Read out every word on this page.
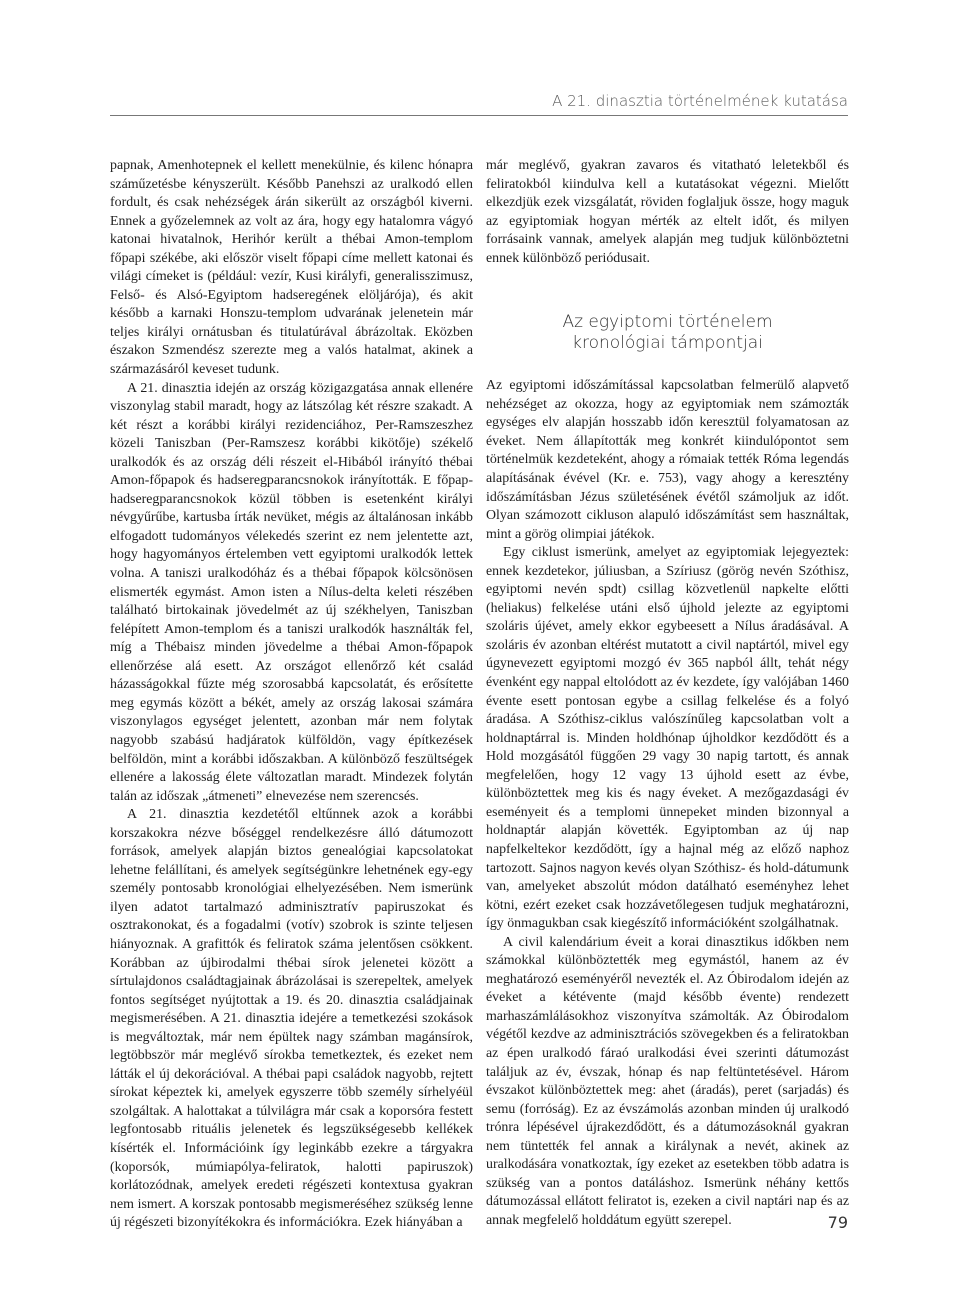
A 21. dinasztia történelmének kutatása

papnak, Amenhotepnek el kellett menekülnie, és kilenc hónapra száműzetésbe kényszerült. Később Panehszi az uralkodó ellen fordult, és csak nehézségek árán sikerült az országból kiverni. Ennek a győzelemnek az volt az ára, hogy egy hatalomra vágyó katonai hivatalnok, Herihór került a thébai Amon-templom főpapi székébe, aki először viselt főpapi címe mellett katonai és világi címeket is (például: vezír, Kusi királyfi, generalisszimusz, Felső- és Alsó-Egyiptom hadseregének elöljárója), és akit később a karnaki Honszu-templom udvarának jelenetein már teljes királyi ornátusban és titulatúrával ábrázoltak. Eközben északon Szmendész szerezte meg a valós hatalmat, akinek a származásáról keveset tudunk.

A 21. dinasztia idején az ország közigazgatása annak ellenére viszonylag stabil maradt, hogy az látszólag két részre szakadt. A két részt a korábbi királyi rezidenciához, Per-Ramszeszhez közeli Taniszban (Per-Ramszesz korábbi kikötője) székelő uralkodók és az ország déli részeit el-Hibából irányító thébai Amon-főpapok és hadseregparancsnokok irányították. E főpap-hadseregparancsnokok közül többen is esetenként királyi névgyűrűbe, kartusba írták nevüket, mégis az általánosan inkább elfogadott tudományos vélekedés szerint ez nem jelentette azt, hogy hagyományos értelemben vett egyiptomi uralkodók lettek volna. A taniszi uralkodóház és a thébai főpapok kölcsönösen elismerték egymást. Amon isten a Nílus-delta keleti részében található birtokainak jövedelmét az új székhelyen, Taniszban felépített Amon-templom és a taniszi uralkodók használták fel, míg a Thébaisz minden jövedelme a thébai Amon-főpapok ellenőrzése alá esett. Az országot ellenőrző két család házasságokkal fűzte még szorosabbá kapcsolatát, és erősítette meg egymás között a békét, amely az ország lakosai számára viszonylagos egységet jelentett, azonban már nem folytak nagyobb szabású hadjáratok külföldön, vagy építkezések belföldön, mint a korábbi időszakban. A különböző feszültségek ellenére a lakosság élete változatlan maradt. Mindezek folytán talán az időszak „átmeneti” elnevezése nem szerencsés.

A 21. dinasztia kezdetétől eltűnnek azok a korábbi korszakokra nézve bőséggel rendelkezésre álló dátumozott források, amelyek alapján biztos genealógiai kapcsolatokat lehetne felállítani, és amelyek segítségünkre lehetnének egy-egy személy pontosabb kronológiai elhelyezésében. Nem ismerünk ilyen adatot tartalmazó adminisztratív papiruszokat és osztrakonokat, és a fogadalmi (votív) szobrok is szinte teljesen hiányoznak. A grafittók és feliratok száma jelentősen csökkent. Korábban az újbirodalmi thébai sírok jelenetei között a sírtulajdonos családtagjainak ábrázolásai is szerepeltek, amelyek fontos segítséget nyújtottak a 19. és 20. dinasztia családjainak megismerésében. A 21. dinasztia idejére a temetkezési szokások is megváltoztak, már nem épültek nagy számban magánsírok, legtöbbször már meglévő sírokba temetkeztek, és ezeket nem látták el új dekorációval. A thébai papi családok nagyobb, rejtett sírokat képeztek ki, amelyek egyszerre több személy sírhelyéül szolgáltak. A halottakat a túlvilágra már csak a koporsóra festett legfontosabb rituális jelenetek és legszükségesebb kellékek kísérték el. Információink így leginkább ezekre a tárgyakra (koporsók, múmiapólya-feliratok, halotti papiruszok) korlátozódnak, amelyek eredeti régészeti kontextusa gyakran nem ismert. A korszak pontosabb megismeréséhez szükség lenne új régészeti bizonyítékokra és információkra. Ezek hiányában a

már meglévő, gyakran zavaros és vitatható leletekből és feliratokból kiindulva kell a kutatásokat végezni. Mielőtt elkezdjük ezek vizsgálatát, röviden foglaljuk össze, hogy maguk az egyiptomiak hogyan mérték az eltelt időt, és milyen forrásaink vannak, amelyek alapján meg tudjuk különböztetni ennek különböző periódusait.

Az egyiptomi történelem
kronológiai támpontjai

Az egyiptomi időszámítással kapcsolatban felmerülő alapvető nehézséget az okozza, hogy az egyiptomiak nem számozták egységes elv alapján hosszabb időn keresztül folyamatosan az éveket. Nem állapították meg konkrét kiindulópontot sem történelmük kezdeteként, ahogy a rómaiak tették Róma legendás alapításának évével (Kr. e. 753), vagy ahogy a keresztény időszámításban Jézus születésének évétől számoljuk az időt. Olyan számozott cikluson alapuló időszámítást sem használtak, mint a görög olimpiai játékok.

Egy ciklust ismerünk, amelyet az egyiptomiak lejegyeztek: ennek kezdetekor, júliusban, a Szíriusz (görög nevén Szóthisz, egyiptomi nevén spdt) csillag közvetlenül napkelte előtti (heliakus) felkelése utáni első újhold jelezte az egyiptomi szoláris újévet, amely ekkor egybeesett a Nílus áradásával. A szoláris év azonban eltérést mutatott a civil naptártól, mivel egy úgynevezett egyiptomi mozgó év 365 napból állt, tehát négy évenként egy nappal eltolódott az év kezdete, így valójában 1460 évente esett pontosan egybe a csillag felkelése és a folyó áradása. A Szóthisz-ciklus valószínűleg kapcsolatban volt a holdnaptárral is. Minden holdhónap újholdkor kezdődött és a Hold mozgásától függően 29 vagy 30 napig tartott, és annak megfelelően, hogy 12 vagy 13 újhold esett az évbe, különböztettek meg kis és nagy éveket. A mezőgazdasági év eseményeit és a templomi ünnepeket minden bizonnyal a holdnaptár alapján követték. Egyiptomban az új nap napfelkeltekor kezdődött, így a hajnal még az előző naphoz tartozott. Sajnos nagyon kevés olyan Szóthisz- és hold-dátumunk van, amelyeket abszolút módon datálható eseményhez lehet kötni, ezért ezeket csak hozzávetőlegesen tudjuk meghatározni, így önmagukban csak kiegészítő információként szolgálhatnak.

A civil kalendárium éveit a korai dinasztikus időkben nem számokkal különböztették meg egymástól, hanem az év meghatározó eseményéről nevezték el. Az Óbirodalom idején az éveket a kétévente (majd később évente) rendezett marhaszámlálásokhoz viszonyítva számolták. Az Óbirodalom végétől kezdve az adminisztrációs szövegekben és a feliratokban az épen uralkodó fáraó uralkodási évei szerinti dátumozást találjuk az év, évszak, hónap és nap feltüntetésével. Három évszakot különböztettek meg: ahet (áradás), peret (sarjadás) és semu (forróság). Ez az évszámolás azonban minden új uralkodó trónra lépésével újrakezdődött, és a dátumozásoknál gyakran nem tüntették fel annak a királynak a nevét, akinek az uralkodására vonatkoztak, így ezeket az esetekben több adatra is szükség van a pontos datáláshoz. Ismerünk néhány kettős dátumozással ellátott feliratot is, ezeken a civil naptári nap és az annak megfelelő holddátum együtt szerepel.	79
